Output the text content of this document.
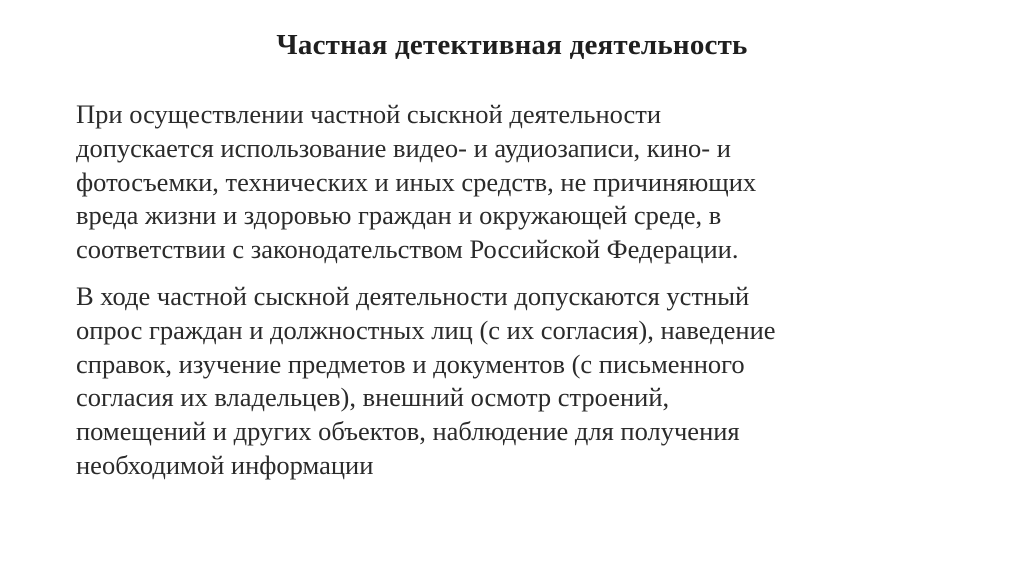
Частная детективная деятельность

При осуществлении частной сыскной деятельности
допускается использование видео- и аудиозаписи, кино- и
фотосъемки, технических и иных средств, не причиняющих
вреда жизни и здоровью граждан и окружающей среде, в
соответствии с законодательством Российской Федерации.

В ходе частной сыскной деятельности допускаются устный
опрос граждан и должностных лиц (с их согласия), наведение
справок, изучение предметов и документов (с письменного
согласия их владельцев), внешний осмотр строений,
помещений и других объектов, наблюдение для получения
необходимой информации
